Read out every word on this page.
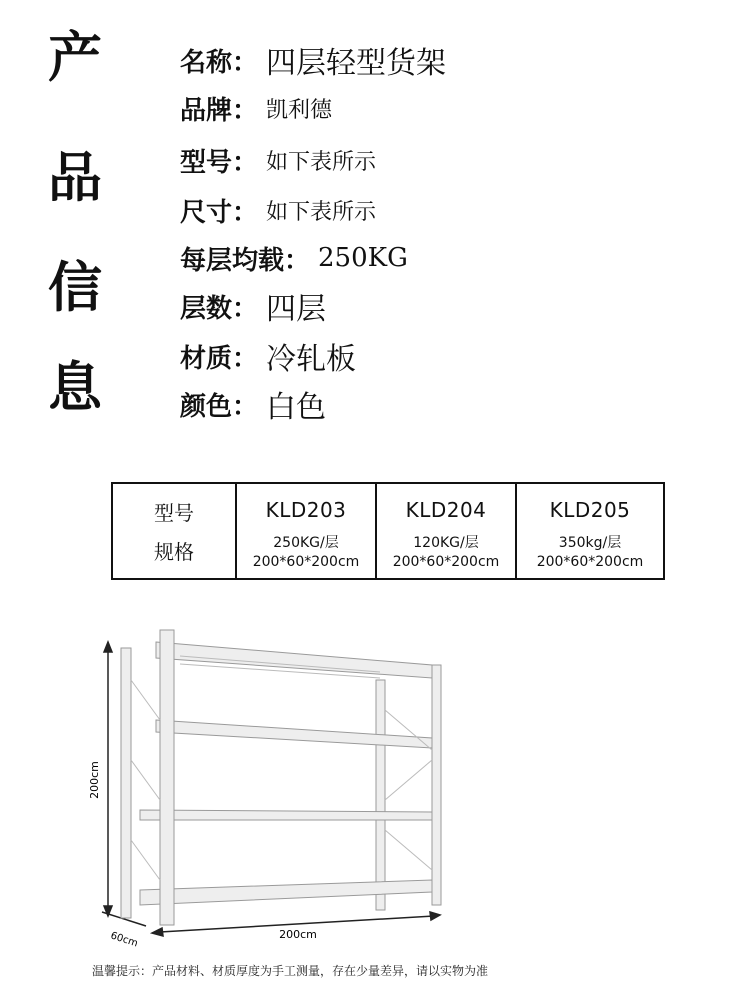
产
品
信
息
名称： 四层轻型货架
品牌： 凯利德
型号： 如下表所示
尺寸： 如下表所示
每层均载： 250KG
层数： 四层
材质： 冷轧板
颜色： 白色
型号
规格
KLD203
250KG/层
200*60*200cm
KLD204
120KG/层
200*60*200cm
KLD205
350kg/层
200*60*200cm
200cm
200cm
60cm
温馨提示：产品材料、材质厚度为手工测量，存在少量差异，请以实物为准
